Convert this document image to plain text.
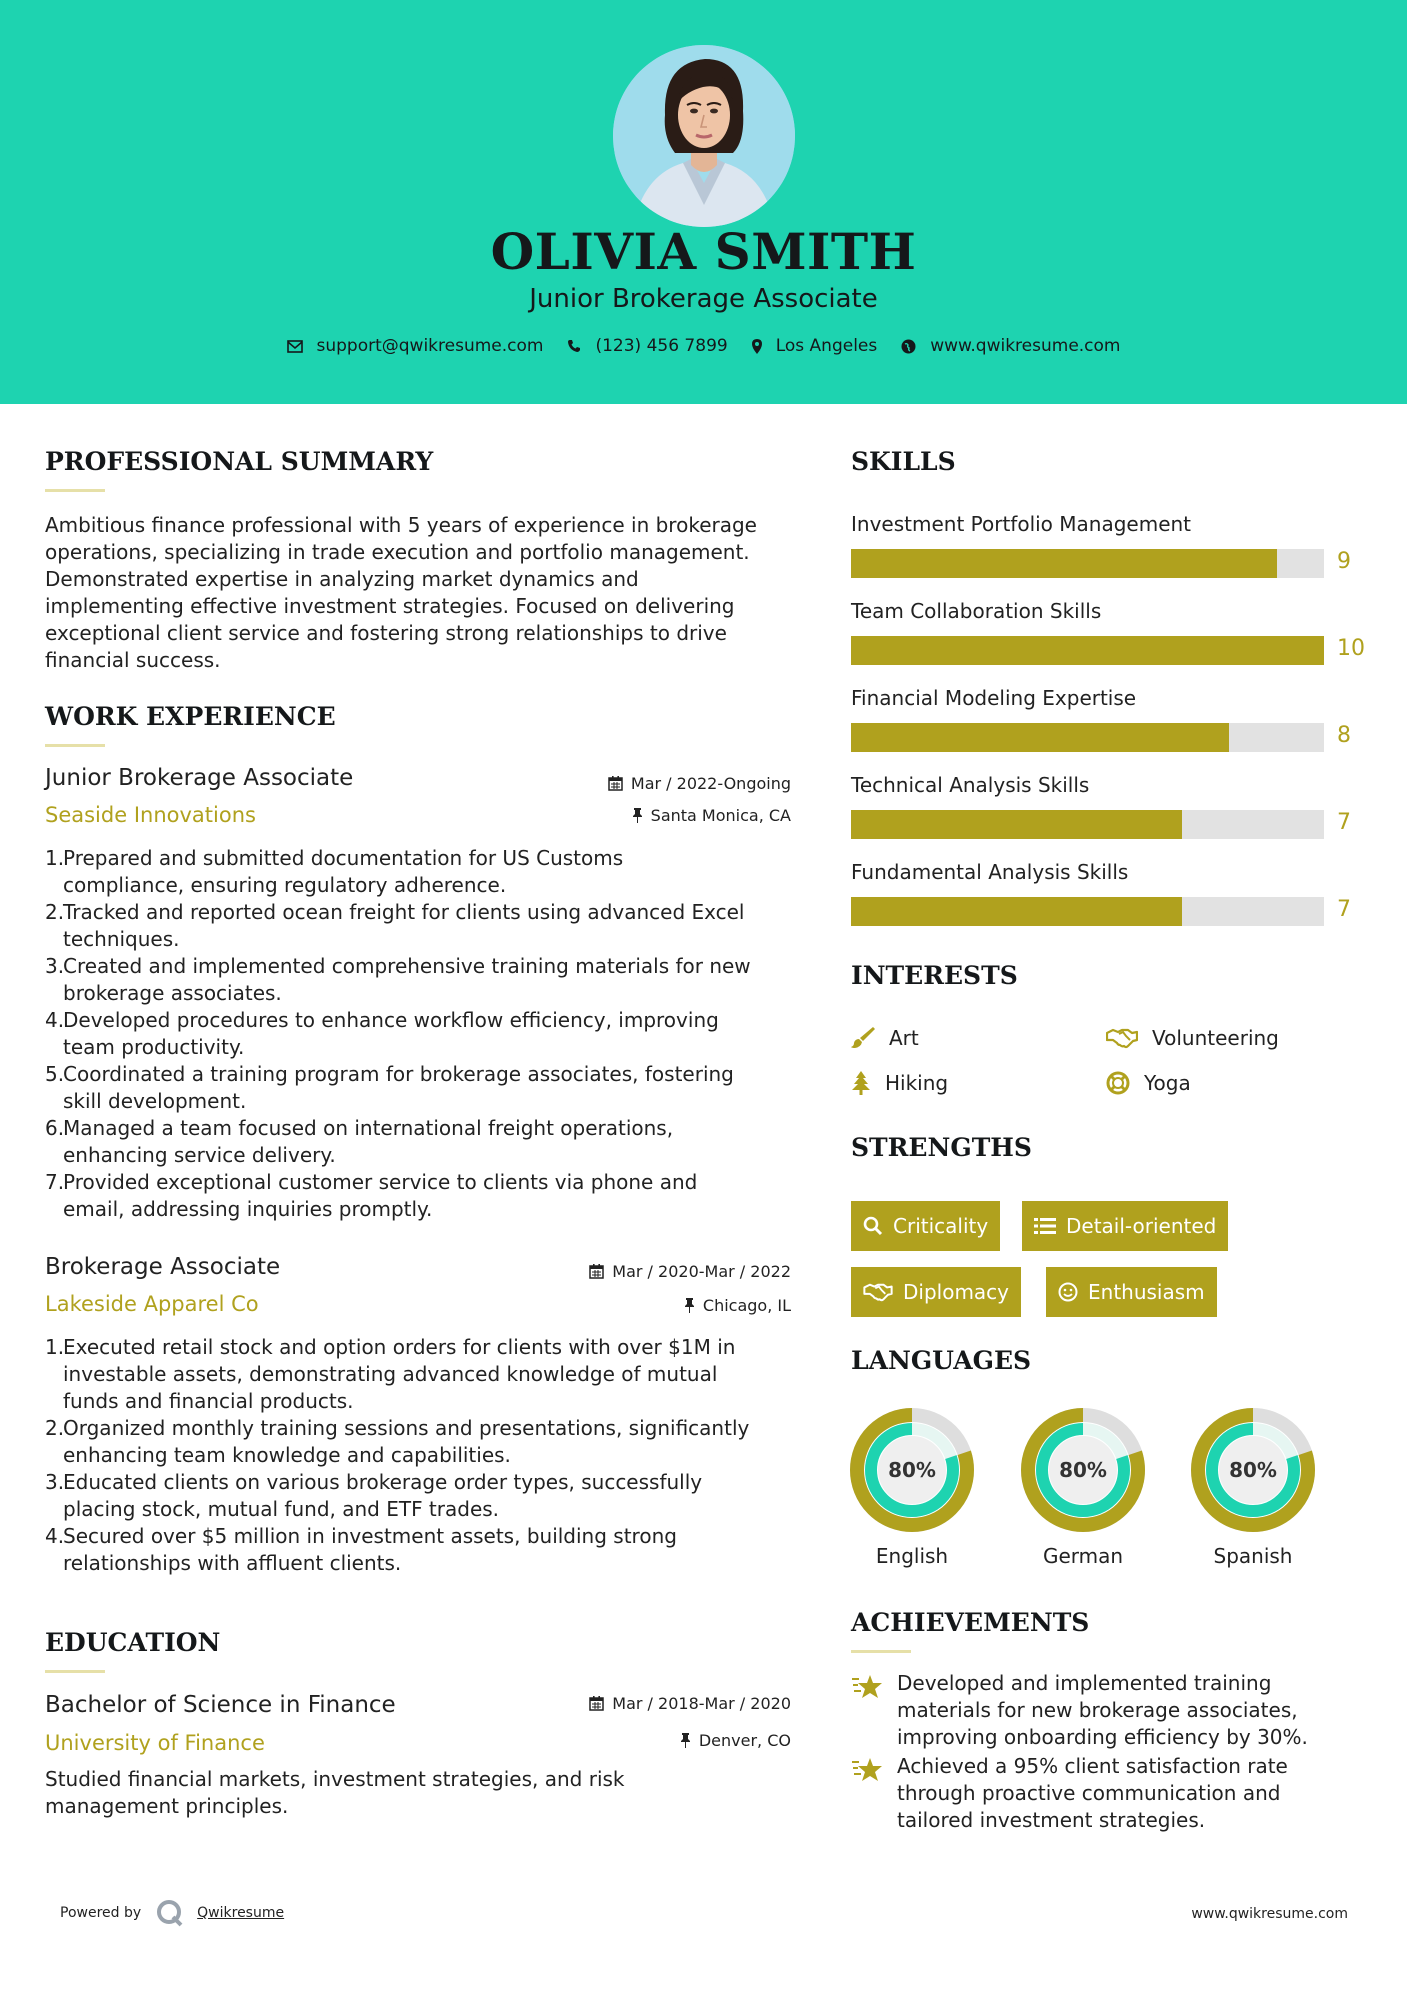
OLIVIA SMITH
Junior Brokerage Associate
support@qwikresume.com	(123) 456 7899	Los Angeles	www.qwikresume.com
PROFESSIONAL SUMMARY
Ambitious finance professional with 5 years of experience in brokerage
operations, specializing in trade execution and portfolio management.
Demonstrated expertise in analyzing market dynamics and
implementing effective investment strategies. Focused on delivering
exceptional client service and fostering strong relationships to drive
financial success.
WORK EXPERIENCE
Junior Brokerage Associate	Mar / 2022-Ongoing
Seaside Innovations	Santa Monica, CA
1.
Prepared and submitted documentation for US Customs
compliance, ensuring regulatory adherence.
2.
Tracked and reported ocean freight for clients using advanced Excel
techniques.
3.
Created and implemented comprehensive training materials for new
brokerage associates.
4.
Developed procedures to enhance workflow efficiency, improving
team productivity.
5.
Coordinated a training program for brokerage associates, fostering
skill development.
6.
Managed a team focused on international freight operations,
enhancing service delivery.
7.
Provided exceptional customer service to clients via phone and
email, addressing inquiries promptly.
Brokerage Associate	Mar / 2020-Mar / 2022
Lakeside Apparel Co	Chicago, IL
1.
Executed retail stock and option orders for clients with over $1M in
investable assets, demonstrating advanced knowledge of mutual
funds and financial products.
2.
Organized monthly training sessions and presentations, significantly
enhancing team knowledge and capabilities.
3.
Educated clients on various brokerage order types, successfully
placing stock, mutual fund, and ETF trades.
4.
Secured over $5 million in investment assets, building strong
relationships with affluent clients.
EDUCATION
Bachelor of Science in Finance	Mar / 2018-Mar / 2020
University of Finance	Denver, CO
Studied financial markets, investment strategies, and risk
management principles.
SKILLS
Investment Portfolio Management
9
Team Collaboration Skills
10
Financial Modeling Expertise
8
Technical Analysis Skills
7
Fundamental Analysis Skills
7
INTERESTS
Art	Volunteering
Hiking	Yoga
STRENGTHS
Criticality	Detail-oriented
Diplomacy	Enthusiasm
LANGUAGES
80%
English
80%
German
80%
Spanish
ACHIEVEMENTS
Developed and implemented training
materials for new brokerage associates,
improving onboarding efficiency by 30%.
Achieved a 95% client satisfaction rate
through proactive communication and
tailored investment strategies.
Powered by	Qwikresume	www.qwikresume.com
